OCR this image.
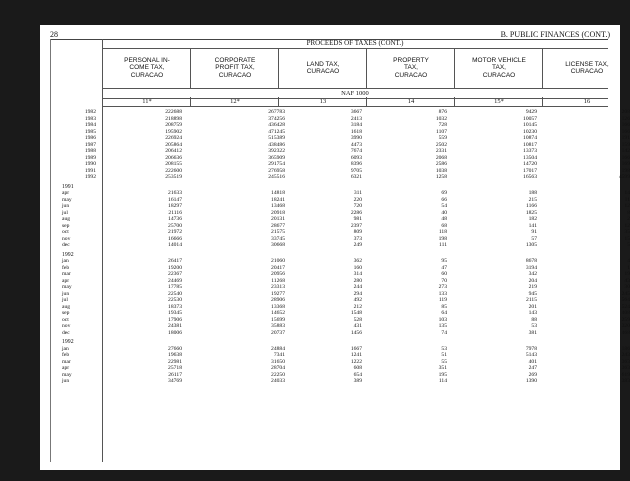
28	B. PUBLIC FINANCES (CONT.)
PROCEEDS OF TAXES (CONT.)
PERSONAL IN-
COME TAX,
CURACAO
CORPORATE
PROFIT TAX,
CURACAO
LAND TAX,
CURACAO
PROPERTY
TAX,
CURACAO
MOTOR VEHICLE
TAX,
CURACAO
LICENSE TAX,
CURACAO
NAF 1000
11*	12*	13	14	15*	16
1982	222688	267783	3667	876	9429	208
1983	218898	374256	2413	1032	10057	126
1984	208759	436428	3184	728	10145	166
1985	195902	471245	1618	1107	10230	166
1986	226924	515389	3990	559	10874	191
1987	205864	438486	4473	2502	10817	159
1988	206412	392322	7674	2331	13373	142
1989	206636	365909	6093	2068	13504	166
1990	208155	291754	8396	2586	14720	169
1991	222600	276958	9705	1038	17017	198
1992	253519	245516	6321	1258	16563	4599
1991
apr	21633	14818	311	69	188	14
may	16147	18241	220	66	215	11
jun	18297	13468	720	54	1166	12
jul	21116	20918	2286	40	1825	8
aug	14736	20131	981	48	182	2
sep	25700	28677	2397	68	141	12
oct	21972	21575	809	118	91	35
nov	16666	33745	373	198	57	15
dec	14014	30668	249	111	1305	5
1992
jan	26417	21060	362	95	8678	4
feb	19200	20417	160	47	3194	1
mar	22367	20956	314	60	342	19
apr	24469	11268	280	70	204	43
may	17785	23313	244	273	219	30
jun	22540	19277	294	133	945	245
jul	22530	28906	492	119	2115	564
aug	18373	13368	212	85	201	524
sep	19345	14652	1548	64	143	408
oct	17906	15699	528	103	88	259
nov	24381	35883	431	135	53	320
dec	18006	20737	1456	74	381	468
1992
jan	27660	24884	1667	53	7978	186
feb	19638	7341	1241	51	5143	243
mar	22981	31650	1222	55	401	363
apr	25718	28704	608	351	247	363
may	26117	22250	654	195	269	619
jun	34769	24033	389	114	1390	383
